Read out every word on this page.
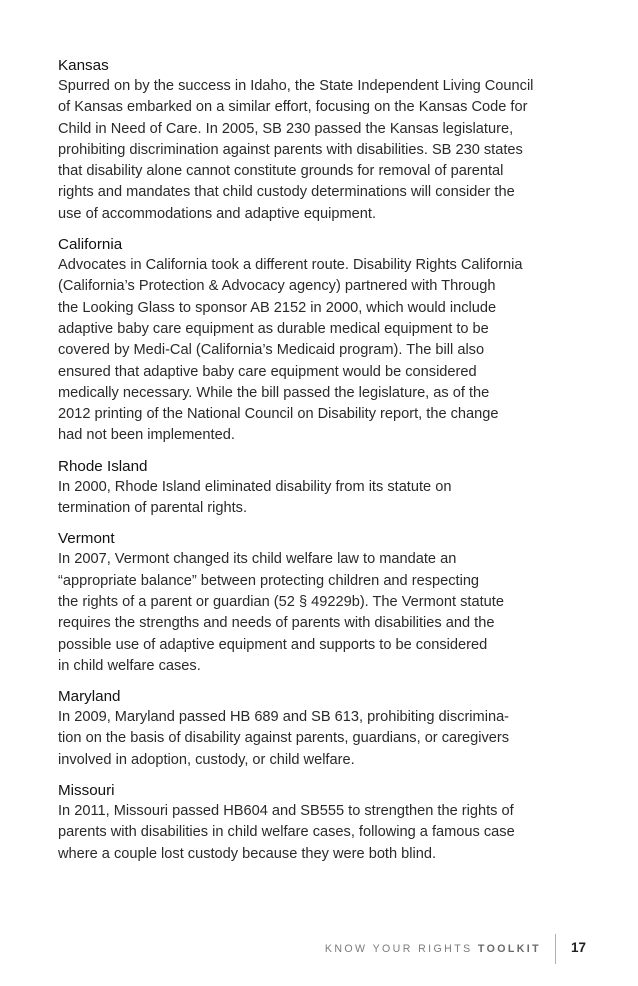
Kansas
Spurred on by the success in Idaho, the State Independent Living Council
of Kansas embarked on a similar effort, focusing on the Kansas Code for
Child in Need of Care. In 2005, SB 230 passed the Kansas legislature,
prohibiting discrimination against parents with disabilities. SB 230 states
that disability alone cannot constitute grounds for removal of parental
rights and mandates that child custody determinations will consider the
use of accommodations and adaptive equipment.
California
Advocates in California took a different route. Disability Rights California
(California’s Protection & Advocacy agency) partnered with Through
the Looking Glass to sponsor AB 2152 in 2000, which would include
adaptive baby care equipment as durable medical equipment to be
covered by Medi-Cal (California’s Medicaid program). The bill also
ensured that adaptive baby care equipment would be considered
medically necessary. While the bill passed the legislature, as of the
2012 printing of the National Council on Disability report, the change
had not been implemented.
Rhode Island
In 2000, Rhode Island eliminated disability from its statute on
termination of parental rights.
Vermont
In 2007, Vermont changed its child welfare law to mandate an
“appropriate balance” between protecting children and respecting
the rights of a parent or guardian (52 § 49229b). The Vermont statute
requires the strengths and needs of parents with disabilities and the
possible use of adaptive equipment and supports to be considered
in child welfare cases.
Maryland
In 2009, Maryland passed HB 689 and SB 613, prohibiting discrimina-
tion on the basis of disability against parents, guardians, or caregivers
involved in adoption, custody, or child welfare.
Missouri
In 2011, Missouri passed HB604 and SB555 to strengthen the rights of
parents with disabilities in child welfare cases, following a famous case
where a couple lost custody because they were both blind.
KNOW YOUR RIGHTS TOOLKIT 17
